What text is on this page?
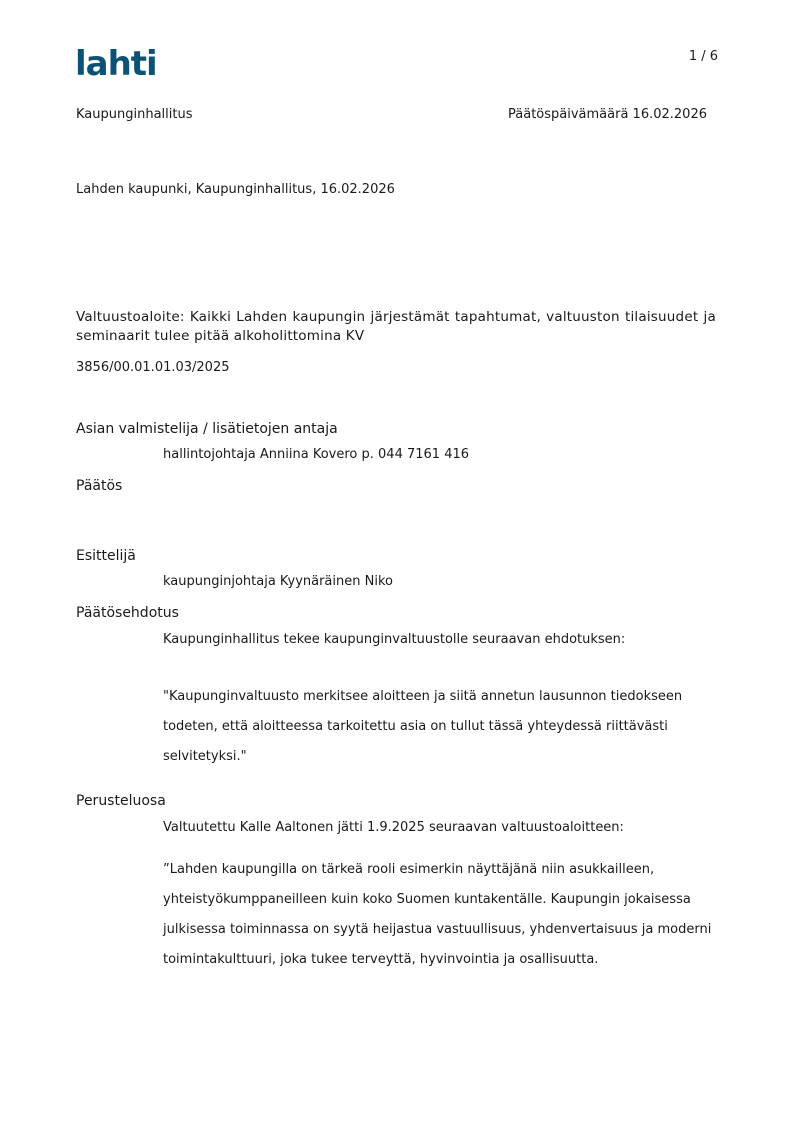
lahti	1 / 6
Kaupunginhallitus	Päätöspäivämäärä 16.02.2026
Lahden kaupunki, Kaupunginhallitus, 16.02.2026
Valtuustoaloite: Kaikki Lahden kaupungin järjestämät tapahtumat, valtuuston tilaisuudet ja seminaarit tulee pitää alkoholittomina KV
3856/00.01.01.03/2025
Asian valmistelija / lisätietojen antaja
hallintojohtaja Anniina Kovero p. 044 7161 416
Päätös
Esittelijä
kaupunginjohtaja Kyynäräinen Niko
Päätösehdotus
Kaupunginhallitus tekee kaupunginvaltuustolle seuraavan ehdotuksen:
"Kaupunginvaltuusto merkitsee aloitteen ja siitä annetun lausunnon tiedokseen
todeten, että aloitteessa tarkoitettu asia on tullut tässä yhteydessä riittävästi
selvitetyksi."
Perusteluosa
Valtuutettu Kalle Aaltonen jätti 1.9.2025 seuraavan valtuustoaloitteen:
”Lahden kaupungilla on tärkeä rooli esimerkin näyttäjänä niin asukkailleen,
yhteistyökumppaneilleen kuin koko Suomen kuntakentälle. Kaupungin jokaisessa
julkisessa toiminnassa on syytä heijastua vastuullisuus, yhdenvertaisuus ja moderni
toimintakulttuuri, joka tukee terveyttä, hyvinvointia ja osallisuutta.
